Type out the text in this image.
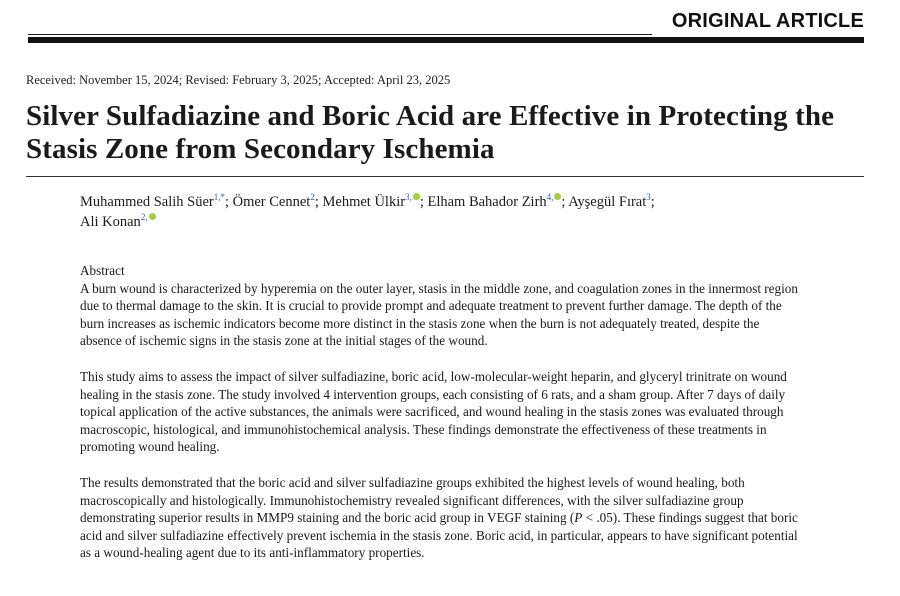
ORIGINAL ARTICLE
Received: November 15, 2024; Revised: February 3, 2025; Accepted: April 23, 2025
Silver Sulfadiazine and Boric Acid are Effective in Protecting the Stasis Zone from Secondary Ischemia
Muhammed Salih Süer$^{1,*}$; Ömer Cennet$^2$; Mehmet Ülkir$^{3,}$ ; Elham Bahador Zirh$^{4,}$ ; Ayşegül Fırat$^3$;
Ali Konan$^{2,}$
Abstract

A burn wound is characterized by hyperemia on the outer layer, stasis in the middle zone, and coagulation zones in the innermost region due to thermal damage to the skin. It is crucial to provide prompt and adequate treatment to prevent further damage. The depth of the burn increases as ischemic indicators become more distinct in the stasis zone when the burn is not adequately treated, despite the absence of ischemic signs in the stasis zone at the initial stages of the wound.

This study aims to assess the impact of silver sulfadiazine, boric acid, low-molecular-weight heparin, and glyceryl trinitrate on wound healing in the stasis zone. The study involved 4 intervention groups, each consisting of 6 rats, and a sham group. After 7 days of daily topical application of the active substances, the animals were sacrificed, and wound healing in the stasis zones was evaluated through macroscopic, histological, and immunohistochemical analysis. These findings demonstrate the effectiveness of these treatments in promoting wound healing.

The results demonstrated that the boric acid and silver sulfadiazine groups exhibited the highest levels of wound healing, both macroscopically and histologically. Immunohistochemistry revealed significant differences, with the silver sulfadiazine group demonstrating superior results in MMP9 staining and the boric acid group in VEGF staining (P < .05). These findings suggest that boric acid and silver sulfadiazine effectively prevent ischemia in the stasis zone. Boric acid, in particular, appears to have significant potential as a wound-healing agent due to its anti-inflammatory properties.
